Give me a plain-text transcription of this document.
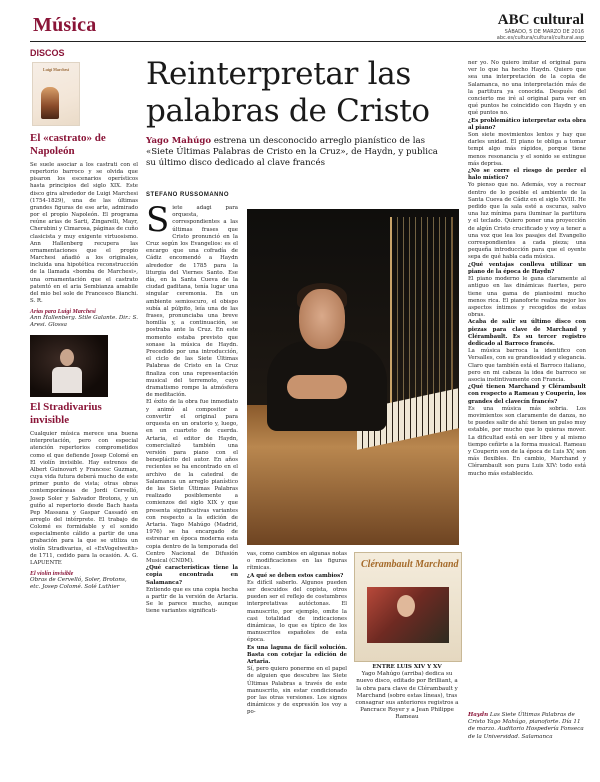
Música	ABC cultural
SÁBADO, 5 DE MARZO DE 2016
abc.es/cultura/cultural/cultural.asp
DISCOS
Luigi Marchesi
El «castrato» de Napoleón
Se suele asociar a los castrati con el repertorio barroco y se olvida que pisaron los escenarios operísticos hasta principios del siglo XIX. Este disco gira alrededor de Luigi Marchesi (1754-1829), una de las últimas grandes figuras de ese arte, admirado por el propio Napoleón. El programa reúne arias de Sarti, Zingarelli, Mayr, Cherubini y Cimarosa, páginas de cuño clasicista y muy exigente virtuosismo. Ann Hallenberg recupera las ornamentaciones que el propio Marchesi añadió a los originales, incluida una hipotética reconstrucción de la llamada «bomba de Marchesi», una ornamentación que el castrato patentó en el aria Sembianza amabile del mio bel sole de Francesco Bianchi. S. R.
Arias para Luigi Marchesi
Ann Hallenberg. Stile Galante. Dir.: S. Aresi. Glossa
El Stradivarius invisible
Cualquier música merece una buena interpretación, pero con especial atención repertorios comprometidos como el que defiende Josep Colomé en El violín invisible. Hay estrenos de Albert Guinovart y Francesc Guzman, cuya vida futura deberá mucho de este primer punto de vista; otras obras contemporáneas de Jordi Cervelló, Josep Soler y Salvador Brotons, y un guiño al repertorio desde Bach hasta Pep Massana y Gaspar Cassadó en arreglo del intérprete. El trabajo de Colomé es formidable y el sonido especialmente cálido a partir de una grabación para la que se utiliza un violín Stradivarius, el «ExVogelweith» de 1711, cedido para la ocasión. A. G. LAPUENTE
El violín invisible
Obras de Cervelló, Soler, Brotons, etc. Josep Colomé. Solé Luthier
Reinterpretar las palabras de Cristo
Yago Mahúgo estrena un desconocido arreglo pianístico de las «Siete Últimas Palabras de Cristo en la Cruz», de Haydn, y publica su último disco dedicado al clave francés
STEFANO RUSSOMANNO
S iete adagi para orquesta, correspondientes a las últimas frases que Cristo pronunció en la Cruz según los Evangelios: es el encargo que una cofradía de Cádiz encomendó a Haydn alrededor de 1785 para la liturgia del Viernes Santo. Ese día, en la Santa Cueva de la ciudad gaditana, tenía lugar una singular ceremonia. En un ambiente semioscuro, el obispo subía al púlpito, leía una de las frases, pronunciaba una breve homilía y, a continuación, se postraba ante la Cruz. En este momento estaba previsto que sonase la música de Haydn. Precedido por una introducción, el ciclo de las Siete Últimas Palabras de Cristo en la Cruz finaliza con una representación musical del terremoto, cuyo dramatismo rompe la atmósfera de meditación.

El éxito de la obra fue inmediato y animó al compositor a convertir el original para orquesta en un oratorio y, luego, en un cuarteto de cuerda. Artaria, el editor de Haydn, comercializó también una versión para piano con el beneplácito del autor. En años recientes se ha encontrado en el archivo de la catedral de Salamanca un arreglo pianístico de las Siete Últimas Palabras realizado posiblemente a comienzos del siglo XIX y que presenta significativas variantes con respecto a la edición de Artaria. Yago Mahúgo (Madrid, 1976) se ha encargado de estrenar en época moderna esta copia dentro de la temporada del Centro Nacional de Difusión Musical (CNDM).

¿Qué características tiene la copia encontrada en Salamanca?

Entiendo que es una copia hecha a partir de la versión de Artaria. Se le parece mucho, aunque tiene variantes significati-

vas, como cambios en algunas notas o modificaciones en las figuras rítmicas.

¿A qué se deben estos cambios?

Es difícil saberlo. Algunos pueden ser descuidos del copista, otros pueden ser el reflejo de costumbres interpretativas autóctonas. El manuscrito, por ejemplo, omite la casi totalidad de indicaciones dinámicas, lo que es típico de los manuscritos españoles de esta época.

Es una laguna de fácil solución. Basta con cotejar la edición de Artaria.

Sí, pero quiero ponerme en el papel de alguien que descubre las Siete Últimas Palabras a través de este manuscrito, sin estar condicionado por las otras versiones. Los signos dinámicos y de expresión los voy a po-

Clérambault Marchand
ENTRE LUIS XIV Y XV
Yago Mahúgo (arriba) dedica su nuevo disco, editado por Brilliant, a la obra para clave de Clérambault y Marchand (sobre estas líneas), tras consagrar sus anteriores registros a Pancrace Royer y a Jean Philippe Rameau

ner yo. No quiero imitar el original para ver lo que ha hecho Haydn. Quiero que sea una interpretación de la copia de Salamanca, no una interpretación más de la partitura ya conocida. Después del concierto me iré al original para ver en qué puntos he coincidido con Haydn y en qué puntos no.

¿Es problemático interpretar esta obra al piano?

Son siete movimientos lentos y hay que darles unidad. El piano te obliga a tomar tempi algo más rápidos, porque tiene menos resonancia y el sonido se extingue más deprisa.

¿No se corre el riesgo de perder el halo místico?

Yo pienso que no. Además, voy a recrear dentro de lo posible el ambiente de la Santa Cueva de Cádiz en el siglo XVIII. He pedido que la sala esté a oscuras, salvo una luz mínima para iluminar la partitura y el teclado. Quiero poner una proyección de algún Cristo crucificado y voy a tener a una voz que lea los pasajes del Evangelio correspondientes a cada pieza; una pequeña introducción para que el oyente sepa de qué habla cada música.

¿Qué ventajas conlleva utilizar un piano de la época de Haydn?

El piano moderno le gana claramente al antiguo en las dinámicas fuertes, pero tiene una gama de pianissimi mucho menos rica. El pianoforte realza mejor los aspectos íntimos y recogidos de estas obras.

Acaba de salir su último disco con piezas para clave de Marchand y Clérambault. Es su tercer registro dedicado al Barroco francés.

La música barroca la identifico con Versalles, con su grandiosidad y elegancia. Claro que también está el Barroco italiano, pero en mi cabeza la idea de barroco se asocia instintivamente con Francia.

¿Qué tienen Marchand y Clérambault con respecto a Rameau y Couperin, los grandes del clavecín francés?

Es una música más sobria. Los movimientos son claramente de danza, no te puedes salir de ahí: tienen un pulso muy estable, por mucho que lo quieras mover. La dificultad está en ser libre y al mismo tiempo ceñirte a la forma musical. Rameau y Couperin son de la época de Luis XV, son más flexibles. En cambio, Marchand y Clérambault son pura Luis XIV: todo está mucho más establecido.

Haydn Las Siete Últimas Palabras de Cristo Yago Mahúgo, pianoforte. Día 11 de marzo. Auditorio Hospedería Fonseca de la Universidad. Salamanca
